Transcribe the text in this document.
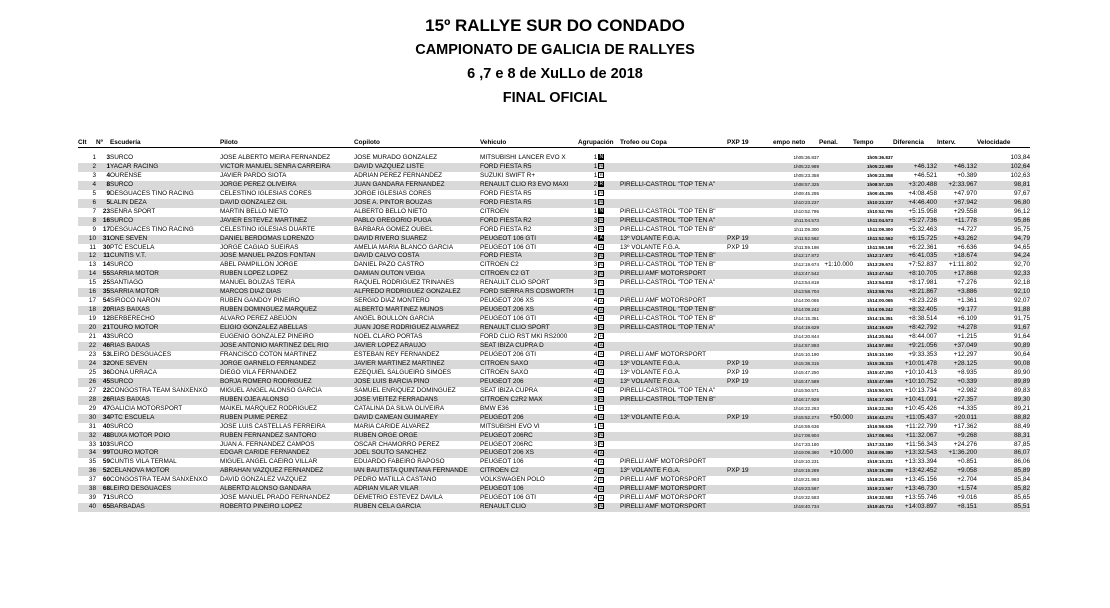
15º RALLYE SUR DO CONDADO
CAMPIONATO DE GALICIA DE RALLYES
6 ,7 e 8 de XuLLo de 2018
FINAL OFICIAL
Clt	Nº	Escudería	Piloto	Copiloto	Vehiculo	Agrupación	Trofeo ou Copa	PXP 19	empo neto	Penal.	Tempo	Diferencia	Interv.	Velocidade

1	3	SURCO	JOSE ALBERTO MEIRA FERNANDEZ	JOSE MURADO GONZALEZ	MITSUBISHI LANCER EVO X	1 N			1h05:36.837		1h05:36.837			103,84
2	1	YACAR RACING	VICTOR MANUEL SENRA CARREIRA	DAVID VAZQUEZ LISTE	FORD FIESTA R5	1 R5			1h05:22.989		1h05:22.989	+46.132	+46.132	102,64
3	4	OURENSE	JAVIER PARDO SIOTA	ADRIAN PEREZ FERNANDEZ	SUZUKI SWIFT R+	1 R			1h05:23.358		1h05:23.358	+46.521	+0.389	102,63
4	8	SURCO	JORGE PEREZ OLIVEIRA	JUAN GANDARA FERNANDEZ	RENAULT CLIO R3 EVO MAXI	2 R	PIRELLI-CASTROL "TOP TEN A"		1h08:57.325		1h08:57.325	+3:20.488	+2:33.967	98,81
5	9	DESGUACES TINO RACING	CELESTINO IGLESIAS CORES	JORGE IGLESIAS CORES	FORD FIESTA R5	1 R5			1h09:45.295		1h09:45.295	+4:08.458	+47.970	97,67
6	5	LALIN DEZA	DAVID GONZALEZ GIL	JOSE A. PINTOR BOUZAS	FORD FIESTA R5	1 R5			1h10:23.237		1h10:23.237	+4:46.400	+37.942	96,80
7	23	SENRA SPORT	MARTIN BELLO NIETO	ALBERTO BELLO NIETO	CITROEN	1 N	PIRELLI-CASTROL "TOP TEN B"		1h10:52.795		1h10:52.795	+5:15.958	+29.558	96,12
8	16	SURCO	JAVIER ESTEVEZ MARTINEZ	PABLO GREGORIO PUGA	FORD FIESTA R2	3 R2	PIRELLI-CASTROL "TOP TEN A"		1h11:04.573		1h11:04.573	+5:27.736	+11.778	95,86
9	17	DESGUACES TINO RACING	CELESTINO IGLESIAS DUARTE	BARBARA GOMEZ OUBEL	FORD FIESTA R2	3 R2	PIRELLI-CASTROL "TOP TEN B"		1h11:09.300		1h11:09.300	+5:32.463	+4.727	95,75
10	31	ONE SEVEN	DANIEL BERDOMAS LORENZO	DAVID RIVERO SUAREZ	PEUGEOT 106 GTI	4 A	13º VOLANTE F.G.A.	PXP 19	1h11:52.562		1h11:52.562	+6:15.725	+43.262	94,79
11	30	PTC ESCUELA	JORGE CAGIAO SUEIRAS	AMELIA MARÍA BLANCO GARCIA	PEUGEOT 106 GTI	4 A	13º VOLANTE F.G.A.	PXP 19	1h11:59.198		1h11:59.198	+6:22.361	+6.636	94,65
12	11	CUNTIS V.T.	JOSÉ MANUEL PAZOS FONTAN	DAVID CALVO COSTA	FORD FIESTA	3 R2	PIRELLI-CASTROL "TOP TEN B"		1h12:17.872		1h12:17.872	+6:41.035	+18.674	94,24
13	14	SURCO	ABEL PAMPILLON JORGE	DANIEL PAZÓ CASTRO	CITROEN C2	3 R2	PIRELLI-CASTROL "TOP TEN B"		1h12:19.674	+1:10.000	1h13:29.674	+7:52.837	+1:11.802	92,70
14	55	SARRIA MOTOR	RUBÉN LÓPEZ LÓPEZ	DAMIAN OUTON VEIGA	CITROËN C2 GT	3 R2	PIRELLI AMF MOTORSPORT		1h13:47.542		1h13:47.542	+8:10.705	+17.868	92,33
15	25	SANTIAGO	MANUEL BOUZAS TEIRA	RAQUEL RODRIGUEZ TRIÑANES	RENAULT CLIO SPORT	3 R2	PIRELLI-CASTROL "TOP TEN A"		1h13:54.818		1h13:54.818	+8:17.981	+7.276	92,18
16	35	SARRIA MOTOR	MARCOS DIAZ DIAS	ALFREDO RODRIGUEZ GONZALEZ	FORD SIERRA RS COSWORTH	1 H			1h13:58.704		1h13:58.704	+8:21.867	+3.886	92,10
17	54	SIROCO NARON	RUBEN GANDOY PIÑEIRO	SERGIO DIAZ MONTERO	PEUGEOT 206 XS	4 A	PIRELLI AMF MOTORSPORT		1h14:00.065		1h14:00.065	+8:23.228	+1.361	92,07
18	20	RIAS BAIXAS	RUBEN DOMINGUEZ MARQUEZ	ALBERTO MARTINEZ MUÑOS	PEUGEOT 206 XS	4 A	PIRELLI-CASTROL "TOP TEN B"		1h14:09.242		1h14:09.242	+8:32.405	+9.177	91,88
19	12	BERBERECHO	ALVARO PEREZ ABEIJON	ANGEL BOULLON GARCIA	PEUGEOT 106 GTI	4 A	PIRELLI-CASTROL "TOP TEN B"		1h14:15.351		1h14:15.351	+8:38.514	+6.109	91,75
20	21	TOURO MOTOR	ELIGIO GONZALEZ ABELLAS	JUAN JOSE RODRIGUEZ ALVAREZ	RENAULT CLIO SPORT	3 R2	PIRELLI-CASTROL "TOP TEN A"		1h14:19.629		1h14:19.629	+8:42.792	+4.278	91,67
21	43	SURCO	EUGENIO GONZALEZ PIÑEIRO	NOEL CLARO PORTAS	FORD CLIO RST MKI RS2000	2 H			1h14:20.844		1h14:20.844	+8:44.007	+1.215	91,64
22	46	RIAS BAIXAS	JOSE ANTONIO MARTINEZ DEL RIO	JAVIER LOPEZ ARAUJO	SEAT IBIZA CUPRA D	4 A			1h14:57.893		1h14:57.893	+9:21.056	+37.049	90,89
23	53	LEIRO DESGUACES	FRANCISCO COTON MARTINEZ	ESTEBAN REY FERNANDEZ	PEUGEOT 206 GTI	4 A	PIRELLI AMF MOTORSPORT		1h15:10.190		1h15:10.190	+9:33.353	+12.297	90,64
24	32	ONE SEVEN	JORGE GARNELO FERNÁNDEZ	JAVIER MARTÍNEZ MARTÍNEZ	CITROËN SAXO	4 A	13º VOLANTE F.G.A.	PXP 19	1h15:38.315		1h15:38.315	+10:01.478	+28.125	90,08
25	36	DONA URRACA	DIEGO VILA FERNÁNDEZ	EZEQUIEL SALGUEIRO SIMOES	CITROËN SAXO	4 A	13º VOLANTE F.G.A.	PXP 19	1h15:47.250		1h15:47.250	+10:10.413	+8.935	89,90
26	45	SURCO	BORJA ROMERO RODRIGUEZ	JOSE LUIS BARCIA PINO	PEUGEOT 206	4 A	13º VOLANTE F.G.A.	PXP 19	1h15:47.589		1h15:47.589	+10:10.752	+0.339	89,89
27	22	CONGOSTRA TEAM SANXENXO	MIGUEL ÁNGEL ALONSO GARCÍA	SAMUEL ENRIQUEZ DOMÍNGUEZ	SEAT IBIZA CUPRA	4 A	PIRELLI-CASTROL "TOP TEN A"		1h15:50.571		1h15:50.571	+10:13.734	+2.982	89,83
28	26	RIAS BAIXAS	RUBEN OJEA ALONSO	JOSE VIEITEZ FERRADANS	CITROEN C2R2 MAX	3 R2	PIRELLI-CASTROL "TOP TEN B"		1h16:17.928		1h16:17.928	+10:41.091	+27.357	89,30
29	47	GALICIA MOTORSPORT	MAIKEL MÁRQUEZ RODRÍGUEZ	CATALINA DA SILVA OLIVEIRA	BMW E36	1 H			1h16:22.263		1h16:22.263	+10:45.426	+4.335	89,21
30	34	PTC ESCUELA	RUBEN PUIME PEREZ	DAVID CAMEAN GUIMAREY	PEUGEOT 206	4 A	13º VOLANTE F.G.A.	PXP 19	1h15:52.274	+50.000	1h16:42.274	+11:05.437	+20.011	88,82
31	40	SURCO	JOSE LUIS CASTELLAS FERREIRA	MARIA CARIDE ALVAREZ	MITSUBISHI EVO VI	1 N			1h16:59.636		1h16:59.636	+11:22.799	+17.362	88,49
32	48	BUXA MOTOR POIO	RUBÉN FERNÁNDEZ SANTORO	RUBÉN ORGE ORGE	PEUGEOT 206RC	3 R2			1h17:08.904		1h17:08.904	+11:32.067	+9.268	88,31
33	103	SURCO	JUAN A. FERNANDEZ CAMPOS	OSCAR CHAMORRO PEREZ	PEUGEOT 206RC	3 R2			1h17:33.180		1h17:33.180	+11:56.343	+24.276	87,85
34	99	TOURO MOTOR	EDGAR CARIDE FERNANDEZ	JOEL SOUTO SANCHEZ	PEUGEOT 206 XS	4 A			1h19:09.380	+10.000	1h19:09.380	+13:32.543	+1:36.200	86,07
35	59	CUNTIS VILA TERMAL	MIGUEL ANGEL CAEIRO VILLAR	EDUARDO FABEIRO RAPOSO	PEUGEOT 106	4 A	PIRELLI AMF MOTORSPORT		1h19:10.231		1h19:10.231	+13:33.394	+0.851	86,06
36	52	CELANOVA MOTOR	ABRAHAN VAZQUEZ FERNANDEZ	IAN BAUTISTA QUINTANA FERNANDE	CITROEN C2	4 A	13º VOLANTE F.G.A.	PXP 19	1h19:19.289		1h19:19.289	+13:42.452	+9.058	85,89
37	60	CONGOSTRA TEAM SANXENXO	DAVID GONZALEZ VAZQUEZ	PEDRO MATILLA CASTAÑO	VOLKSWAGEN POLO	2 R	PIRELLI AMF MOTORSPORT		1h19:21.993		1h19:21.993	+13:45.156	+2.704	85,84
38	68	LEIRO DESGUACES	ALBERTO ALONSO GANDARA	ADRIAN VILAR VILAR	PEUGEOT 106	4 A	PIRELLI AMF MOTORSPORT		1h19:23.567		1h19:23.567	+13:46.730	+1.574	85,82
39	71	SURCO	JOSÉ MANUEL PRADO FERNANDEZ	DEMETRIO ESTÉVEZ DAVILA	PEUGEOT 106 GTI	4 A	PIRELLI AMF MOTORSPORT		1h19:32.583		1h19:32.583	+13:55.746	+9.016	85,65
40	65	BARBADAS	ROBERTO PIÑEIRO LOPEZ	RUBEN CELA GARCIA	RENAULT CLIO	3 R2	PIRELLI AMF MOTORSPORT		1h19:40.734		1h19:40.734	+14:03.897	+8.151	85,51
